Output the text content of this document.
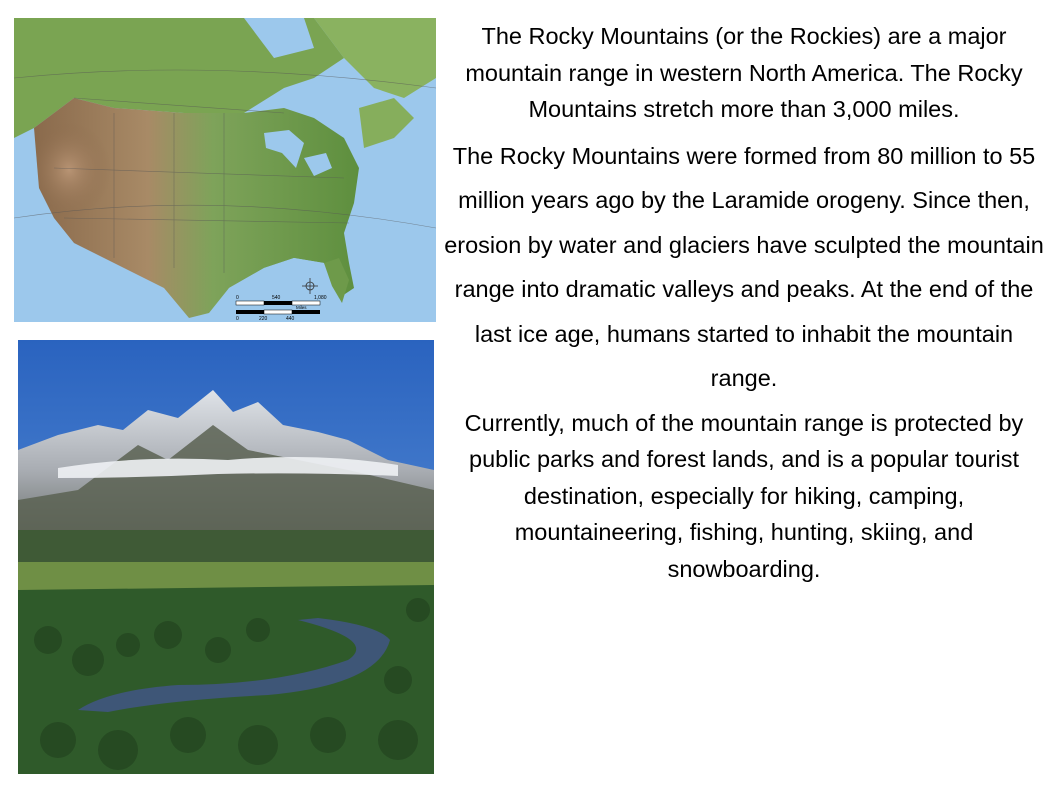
0	540	1,080
0	220	440
Miles

The Rocky Mountains (or the Rockies) are a major mountain range in western North America. The Rocky Mountains stretch more than 3,000 miles.

The Rocky Mountains were formed from 80 million to 55 million years ago by the Laramide orogeny. Since then, erosion by water and glaciers have sculpted the mountain range into dramatic valleys and peaks. At the end of the last ice age, humans started to inhabit the mountain range.

Currently, much of the mountain range is protected by public parks and forest lands, and is a popular tourist destination, especially for hiking, camping, mountaineering, fishing, hunting, skiing, and snowboarding.
